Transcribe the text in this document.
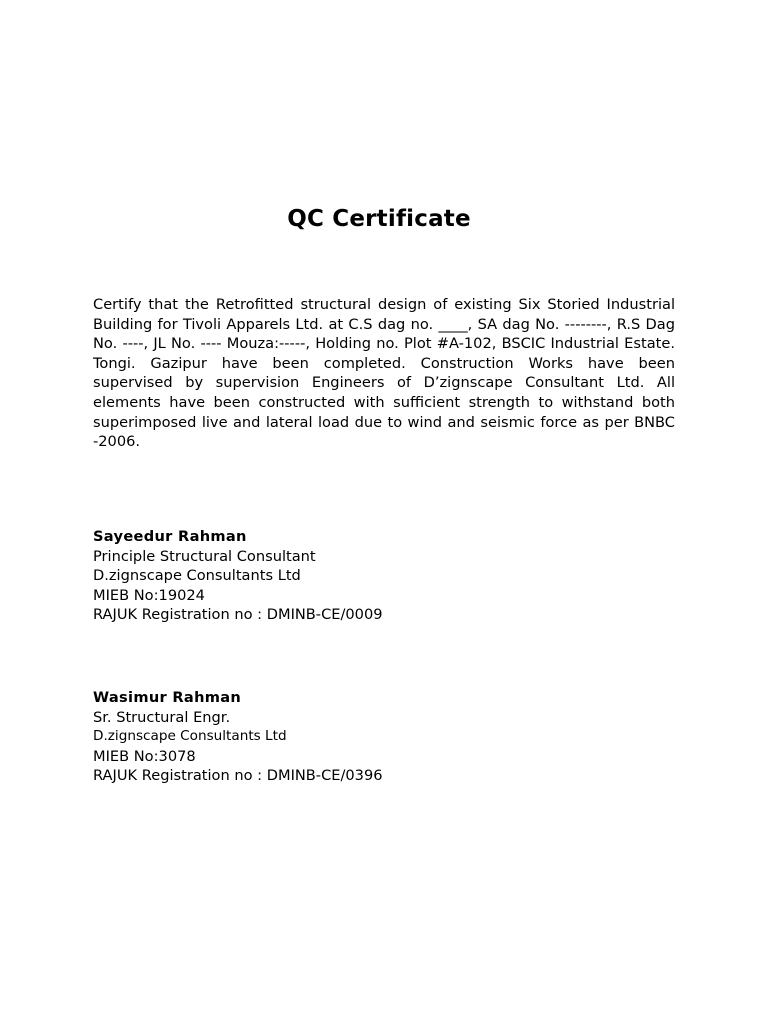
QC Certificate
Certify that the Retrofitted structural design of existing Six Storied Industrial Building for Tivoli Apparels Ltd. at C.S dag no. ____, SA dag No. --------, R.S Dag No. ----, JL No. ---- Mouza:-----, Holding no. Plot #A-102, BSCIC Industrial Estate. Tongi. Gazipur have been completed. Construction Works have been supervised by supervision Engineers of D’zignscape Consultant Ltd. All elements have been constructed with sufficient strength to withstand both superimposed live and lateral load due to wind and seismic force as per BNBC -2006.
Sayeedur Rahman
Principle Structural Consultant
D.zignscape Consultants Ltd
MIEB No:19024
RAJUK Registration no : DMINB-CE/0009
Wasimur Rahman
Sr. Structural Engr.
D.zignscape Consultants Ltd
MIEB No:3078
RAJUK Registration no : DMINB-CE/0396
